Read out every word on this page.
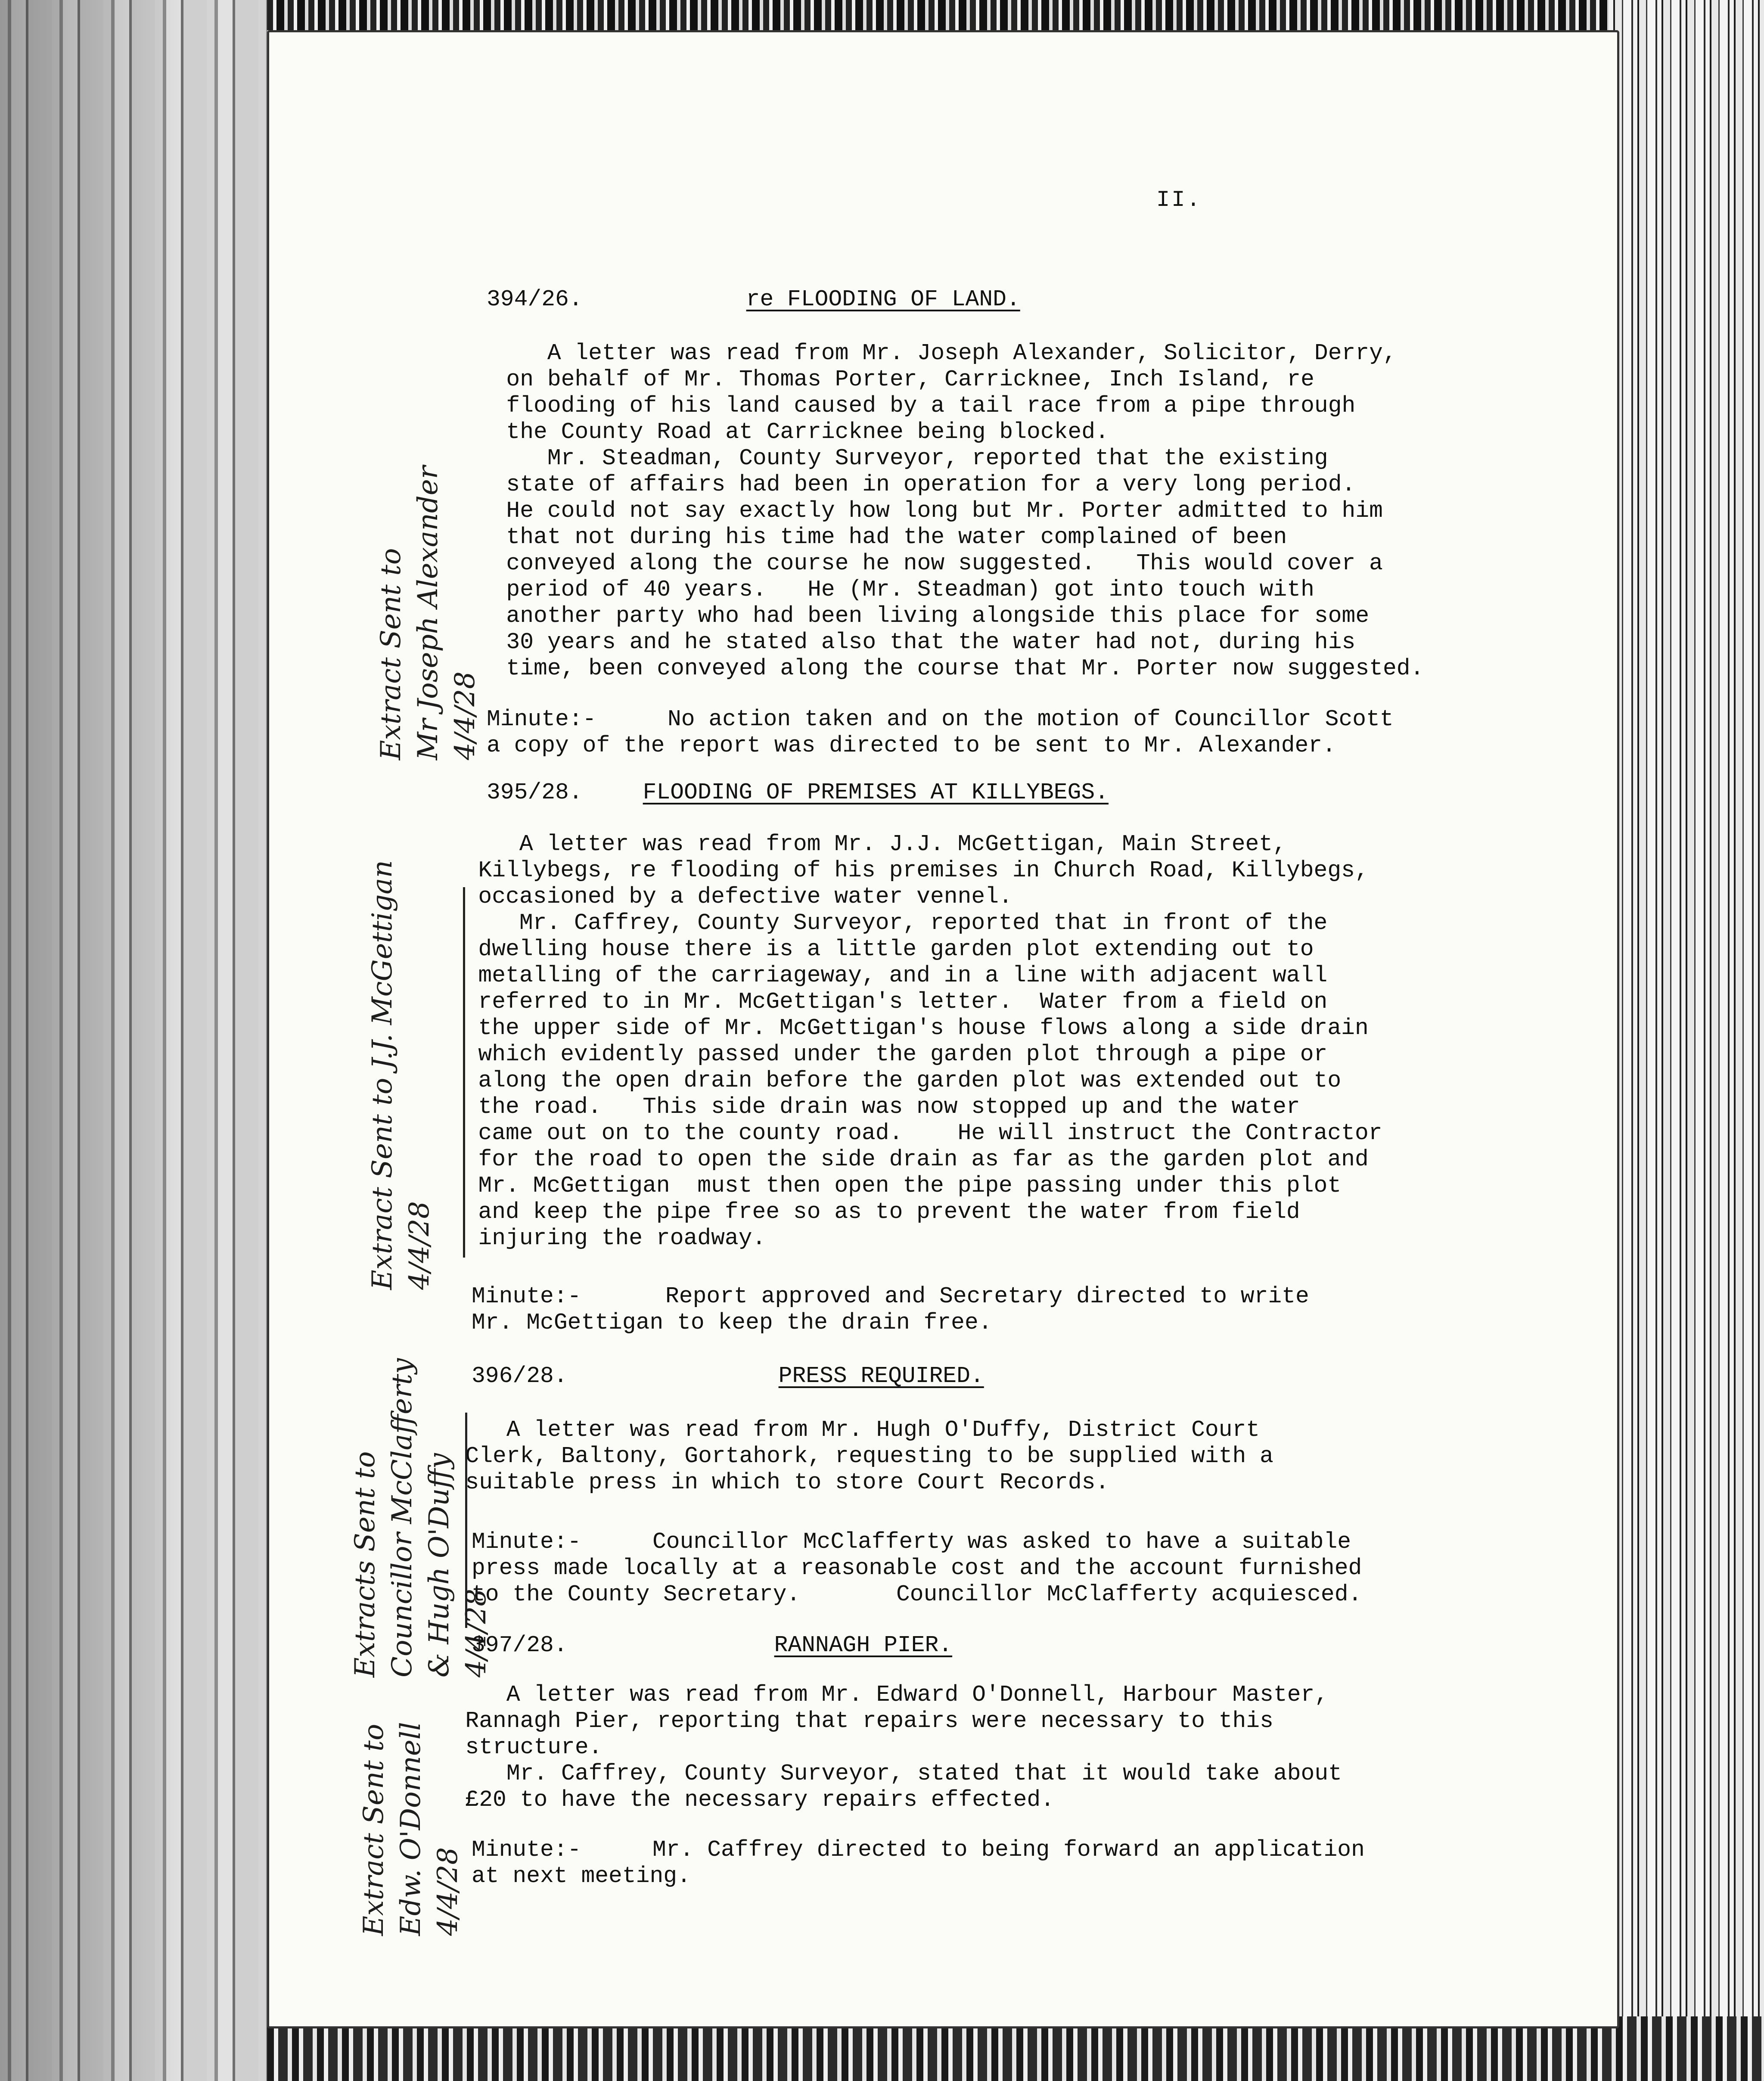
II.
394/26.	re FLOODING OF LAND.
A letter was read from Mr. Joseph Alexander, Solicitor, Derry,
on behalf of Mr. Thomas Porter, Carricknee, Inch Island, re
flooding of his land caused by a tail race from a pipe through
the County Road at Carricknee being blocked.
Mr. Steadman, County Surveyor, reported that the existing
state of affairs had been in operation for a very long period.
He could not say exactly how long but Mr. Porter admitted to him
that not during his time had the water complained of been
conveyed along the course he now suggested.   This would cover a
period of 40 years.   He (Mr. Steadman) got into touch with
another party who had been living alongside this place for some
30 years and he stated also that the water had not, during his
time, been conveyed along the course that Mr. Porter now suggested.
Minute:-	No action taken and on the motion of Councillor Scott
a copy of the report was directed to be sent to Mr. Alexander.
Extract Sent to
Mr Joseph Alexander
4/4/28
395/28.	FLOODING OF PREMISES AT KILLYBEGS.
A letter was read from Mr. J.J. McGettigan, Main Street,
Killybegs, re flooding of his premises in Church Road, Killybegs,
occasioned by a defective water vennel.
Mr. Caffrey, County Surveyor, reported that in front of the
dwelling house there is a little garden plot extending out to
metalling of the carriageway, and in a line with adjacent wall
referred to in Mr. McGettigan's letter.  Water from a field on
the upper side of Mr. McGettigan's house flows along a side drain
which evidently passed under the garden plot through a pipe or
along the open drain before the garden plot was extended out to
the road.   This side drain was now stopped up and the water
came out on to the county road.    He will instruct the Contractor
for the road to open the side drain as far as the garden plot and
Mr. McGettigan  must then open the pipe passing under this plot
and keep the pipe free so as to prevent the water from field
injuring the roadway.
Minute:-	Report approved and Secretary directed to write
Mr. McGettigan to keep the drain free.
Extract Sent to J.J. McGettigan
4/4/28
396/28.	PRESS REQUIRED.
A letter was read from Mr. Hugh O'Duffy, District Court
Clerk, Baltony, Gortahork, requesting to be supplied with a
suitable press in which to store Court Records.
Minute:-	Councillor McClafferty was asked to have a suitable
press made locally at a reasonable cost and the account furnished
to the County Secretary.       Councillor McClafferty acquiesced.
Extracts Sent to
Councillor McClafferty
& Hugh O'Duffy
4/4/28
397/28.	RANNAGH PIER.
A letter was read from Mr. Edward O'Donnell, Harbour Master,
Rannagh Pier, reporting that repairs were necessary to this
structure.
Mr. Caffrey, County Surveyor, stated that it would take about
£20 to have the necessary repairs effected.
Minute:-	Mr. Caffrey directed to being forward an application
at next meeting.
Extract Sent to
Edw. O'Donnell
4/4/28
